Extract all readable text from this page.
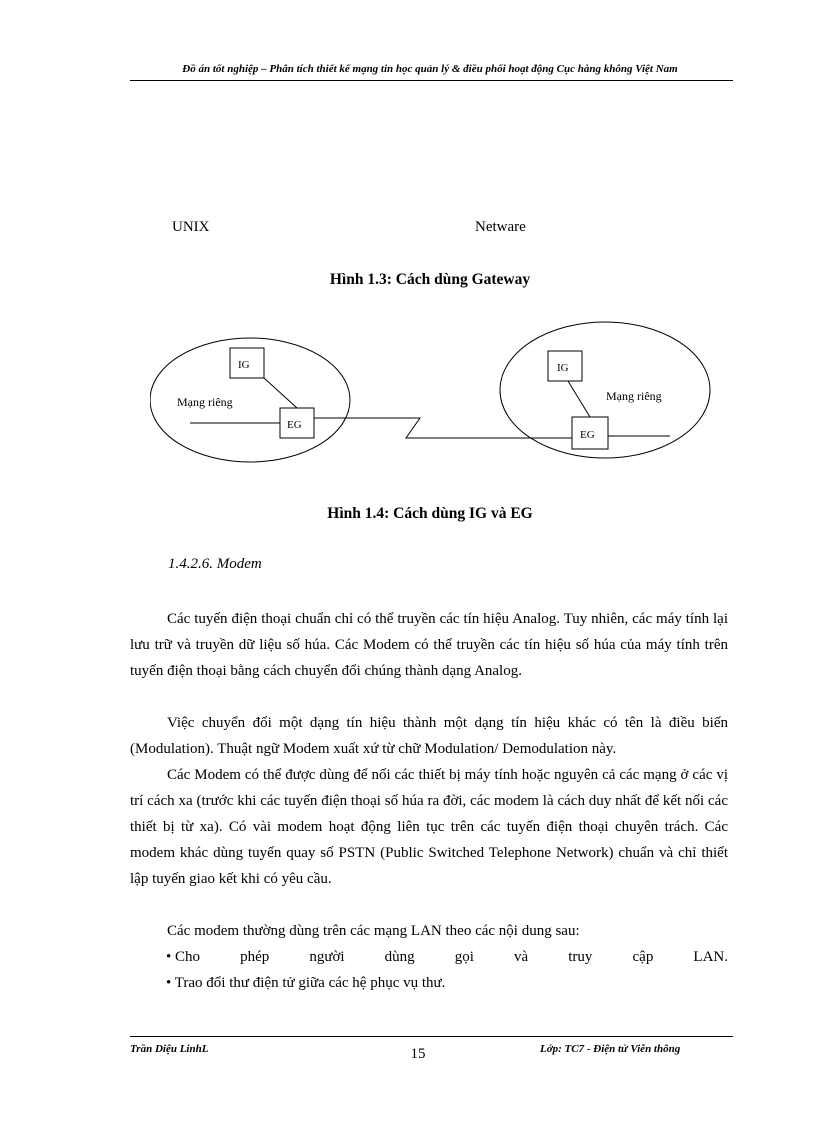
Đồ án tốt nghiệp – Phân tích thiết kế mạng tin học quản lý & điều phối hoạt động Cục hàng không Việt Nam
UNIX	Netware
Hình 1.3: Cách dùng Gateway
IG
EG
Mạng riêng
IG
EG
Mạng riêng
Hình 1.4: Cách dùng IG và EG
1.4.2.6. Modem
Các tuyến điện thoại chuẩn chỉ có thể truyền các tín hiệu Analog. Tuy nhiên, các máy tính lại lưu trữ và truyền dữ liệu số húa. Các Modem có thể truyền các tín hiệu số húa của máy tính trên tuyến điện thoại bằng cách chuyển đổi chúng thành dạng Analog.
Việc chuyển đổi một dạng tín hiệu thành một dạng tín hiệu khác có tên là điều biến (Modulation). Thuật ngữ Modem xuất xứ từ chữ Modulation/ Demodulation này.
Các Modem có thể được dùng để nối các thiết bị máy tính hoặc nguyên cả các mạng ở các vị trí cách xa (trước khi các tuyến điện thoại số húa ra đời, các modem là cách duy nhất để kết nối các thiết bị từ xa). Có vài modem hoạt động liên tục trên các tuyến điện thoại chuyên trách. Các modem khác dùng tuyến quay số PSTN (Public Switched Telephone Network) chuẩn và chỉ thiết lập tuyến giao kết khi có yêu cầu.
Các modem thường dùng trên các mạng LAN theo các nội dung sau:
• Cho	phép	người	dùng	gọi	và	truy	cập	LAN.
• Trao đổi thư điện tử giữa các hệ phục vụ thư.
Trần Diệu LinhL	15	Lớp: TC7 - Điện tử Viễn thông
